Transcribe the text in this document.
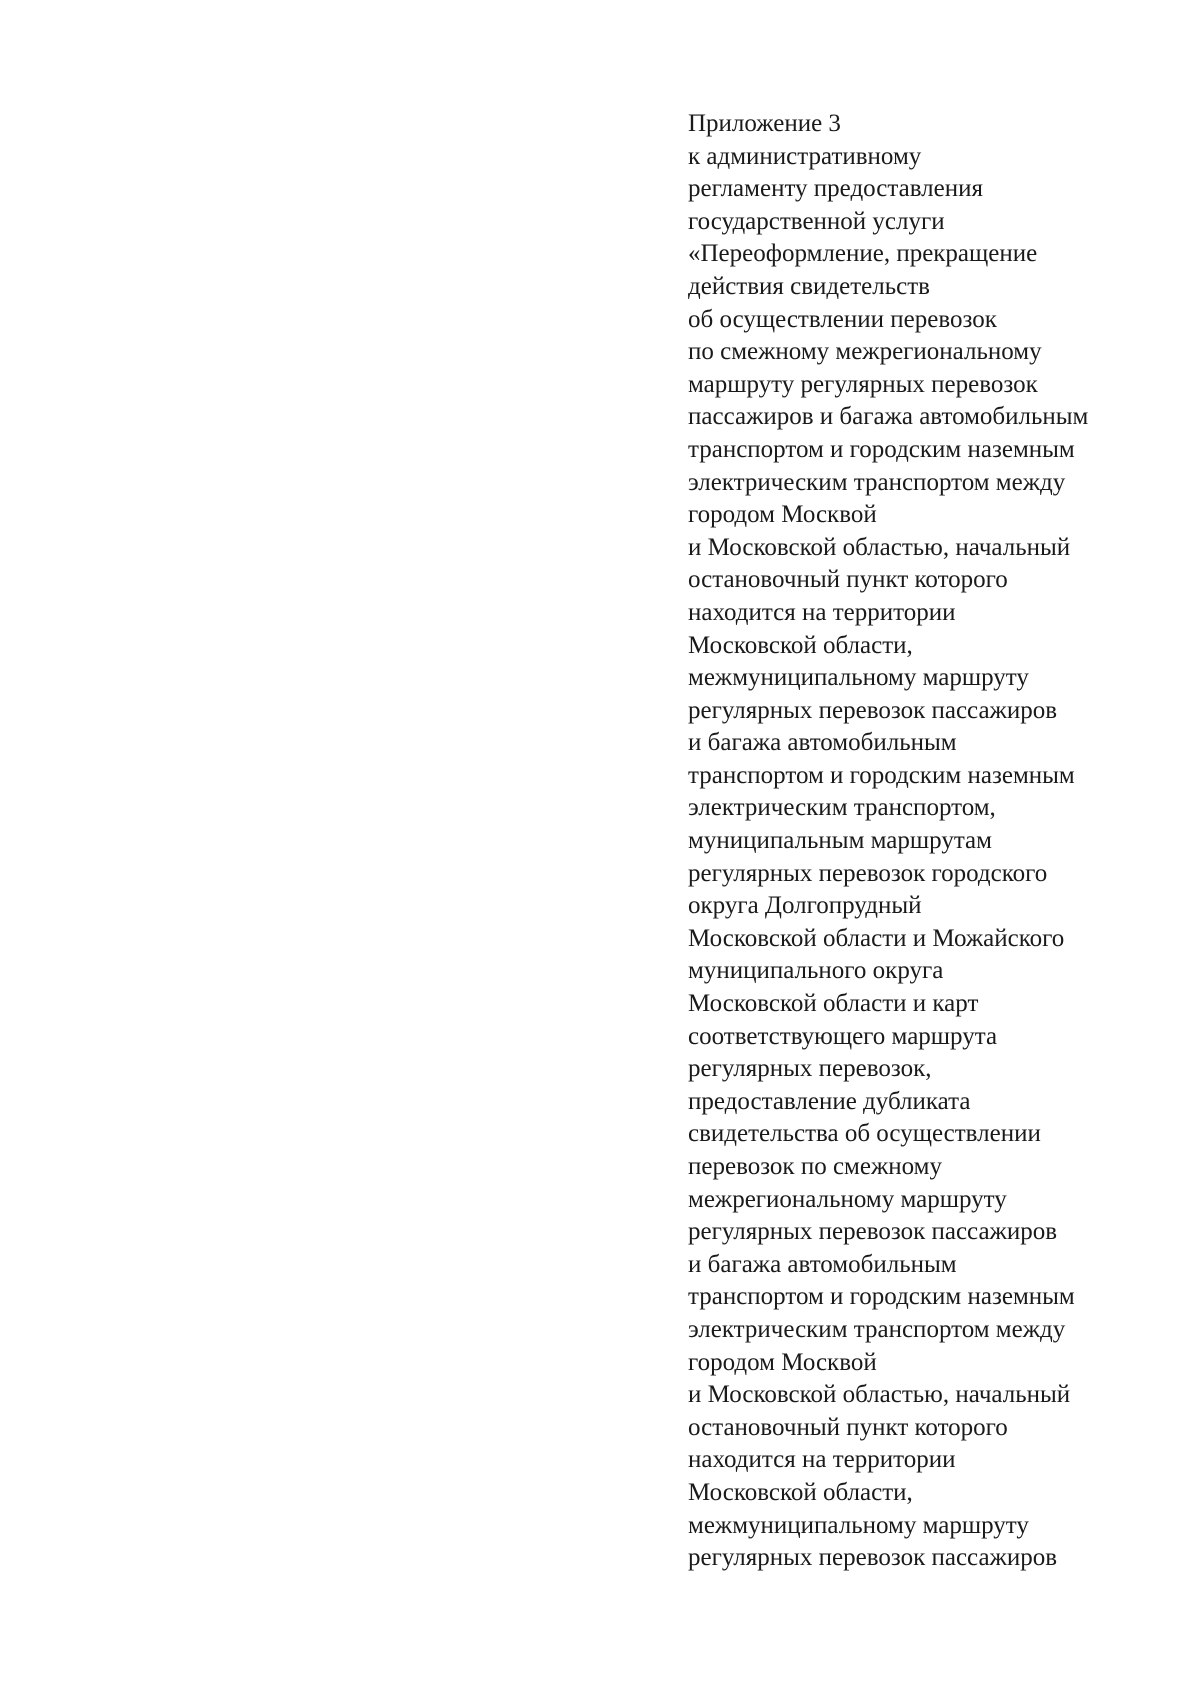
Приложение 3
к административному
регламенту предоставления
государственной услуги
«Переоформление, прекращение
действия свидетельств
об осуществлении перевозок
по смежному межрегиональному
маршруту регулярных перевозок
пассажиров и багажа автомобильным
транспортом и городским наземным
электрическим транспортом между
городом Москвой
и Московской областью, начальный
остановочный пункт которого
находится на территории
Московской области,
межмуниципальному маршруту
регулярных перевозок пассажиров
и багажа автомобильным
транспортом и городским наземным
электрическим транспортом,
муниципальным маршрутам
регулярных перевозок городского
округа Долгопрудный
Московской области и Можайского
муниципального округа
Московской области и карт
соответствующего маршрута
регулярных перевозок,
предоставление дубликата
свидетельства об осуществлении
перевозок по смежному
межрегиональному маршруту
регулярных перевозок пассажиров
и багажа автомобильным
транспортом и городским наземным
электрическим транспортом между
городом Москвой
и Московской областью, начальный
остановочный пункт которого
находится на территории
Московской области,
межмуниципальному маршруту
регулярных перевозок пассажиров
